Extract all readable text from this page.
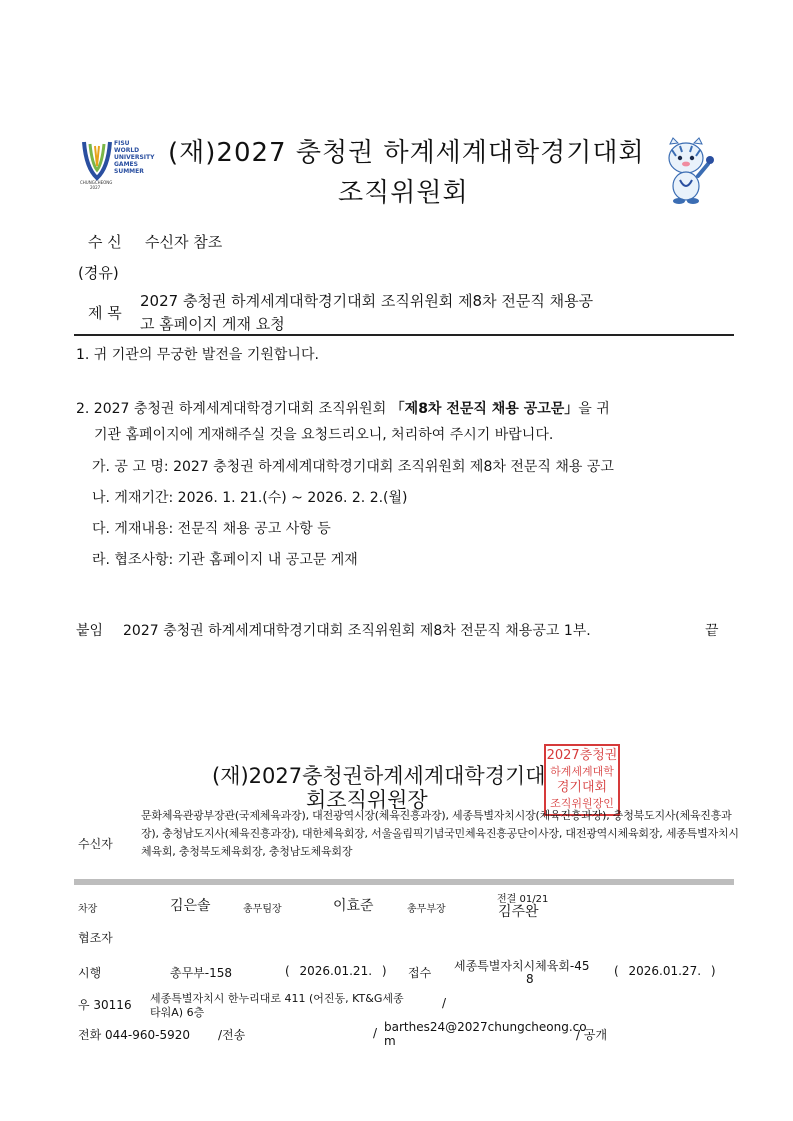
FISU
WORLD
UNIVERSITY
GAMES
SUMMER
CHUNGCHEONG
2027
(재)2027 충청권 하계세계대학경기대회
조직위원회
수 신 수신자 참조
(경유)
제 목
2027 충청권 하계세계대학경기대회 조직위원회 제8차 전문직 채용공
고 홈페이지 게재 요청
1. 귀 기관의 무궁한 발전을 기원합니다.
2. 2027 충청권 하계세계대학경기대회 조직위원회 「제8차 전문직 채용 공고문」을 귀
기관 홈페이지에 게재해주실 것을 요청드리오니, 처리하여 주시기 바랍니다.
가. 공 고 명: 2027 충청권 하계세계대학경기대회 조직위원회 제8차 전문직 채용 공고
나. 게재기간: 2026. 1. 21.(수) ~ 2026. 2. 2.(월)
다. 게재내용: 전문직 채용 공고 사항 등
라. 협조사항: 기관 홈페이지 내 공고문 게재
붙임 2027 충청권 하계세계대학경기대회 조직위원회 제8차 전문직 채용공고 1부.	끝
(재)2027충청권하계세계대학경기대
회조직위원장
2027충청권
하계세계대학
경기대회
조직위원장인
수신자
문화체육관광부장관(국제체육과장), 대전광역시장(체육진흥과장), 세종특별자치시장(체육진흥과장), 충청북도지사(체육진흥과장), 충청남도지사(체육진흥과장), 대한체육회장, 서울올림픽기념국민체육진흥공단이사장, 대전광역시체육회장, 세종특별자치시체육회, 충청북도체육회장, 충청남도체육회장
차장	김은솔	총무팀장	이효준	총무부장
전결 01/21
김주완
협조자
시행	총무부-158	( 2026.01.21. ) 접수 세종특별자치시체육회-45
8
( 2026.01.27. )
우 30116 세종특별자치시 한누리대로 411 (어진동, KT&G세종
타워A) 6층
/
전화 044-960-5920 /전송	/ barthes24@2027chungcheong.co
m	/ 공개
